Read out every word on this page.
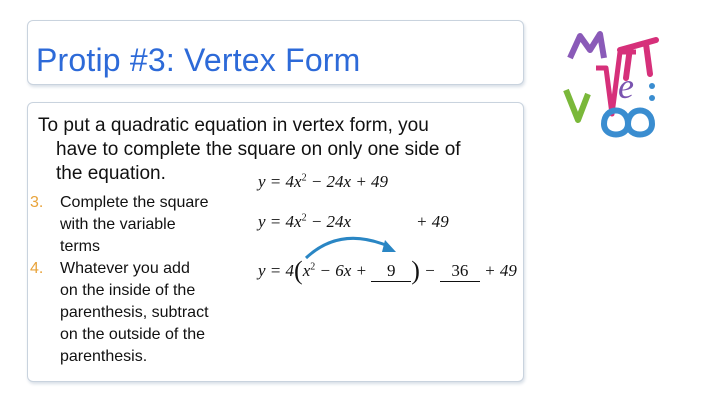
Protip #3: Vertex Form
To put a quadratic equation in vertex form, you
have to complete the square on only one side of
the equation.
3.	Complete the square
with the variable
terms
4.	Whatever you add
on the inside of the
parenthesis, subtract
on the outside of the
parenthesis.
$y = 4x^2 - 24x + 49$
$y = 4x^2 - 24x$	+ 49
$y = 4(x^2 - 6x + 9$ ) − 36 + 49
e
